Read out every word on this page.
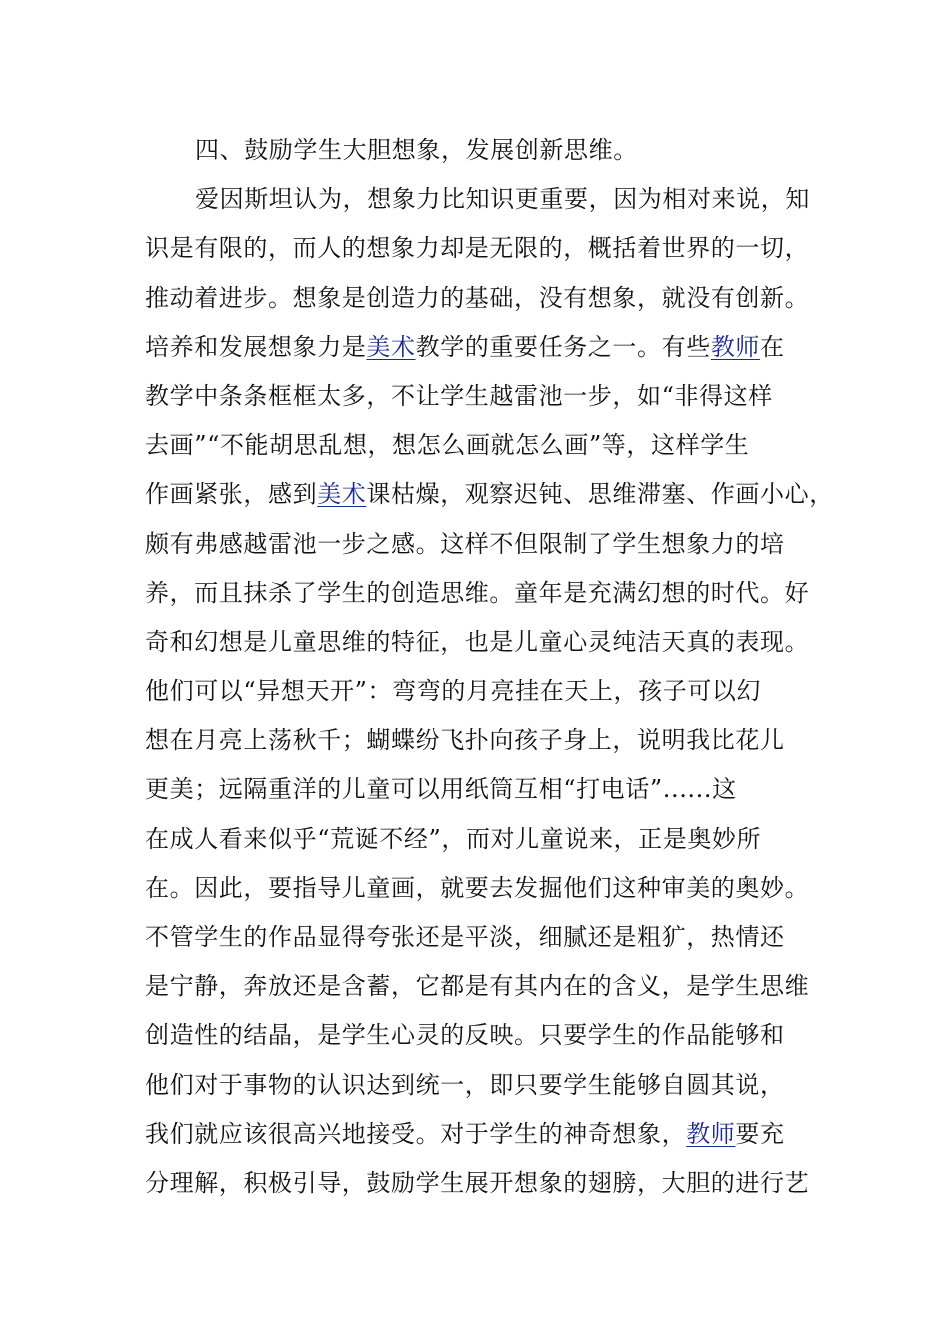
四、鼓励学生大胆想象，发展创新思维。
爱因斯坦认为，想象力比知识更重要，因为相对来说，知
识是有限的，而人的想象力却是无限的，概括着世界的一切，
推动着进步。想象是创造力的基础，没有想象，就没有创新。
培养和发展想象力是美术教学的重要任务之一。有些教师在
教学中条条框框太多，不让学生越雷池一步，如“非得这样
去画”“不能胡思乱想，想怎么画就怎么画”等，这样学生
作画紧张，感到美术课枯燥，观察迟钝、思维滞塞、作画小心，
颇有弗感越雷池一步之感。这样不但限制了学生想象力的培
养，而且抹杀了学生的创造思维。童年是充满幻想的时代。好
奇和幻想是儿童思维的特征，也是儿童心灵纯洁天真的表现。
他们可以“异想天开”：弯弯的月亮挂在天上，孩子可以幻
想在月亮上荡秋千；蝴蝶纷飞扑向孩子身上，说明我比花儿
更美；远隔重洋的儿童可以用纸筒互相“打电话”......这
在成人看来似乎“荒诞不经”，而对儿童说来，正是奥妙所
在。因此，要指导儿童画，就要去发掘他们这种审美的奥妙。
不管学生的作品显得夸张还是平淡，细腻还是粗犷，热情还
是宁静，奔放还是含蓄，它都是有其内在的含义，是学生思维
创造性的结晶，是学生心灵的反映。只要学生的作品能够和
他们对于事物的认识达到统一，即只要学生能够自圆其说，
我们就应该很高兴地接受。对于学生的神奇想象，教师要充
分理解，积极引导，鼓励学生展开想象的翅膀，大胆的进行艺
